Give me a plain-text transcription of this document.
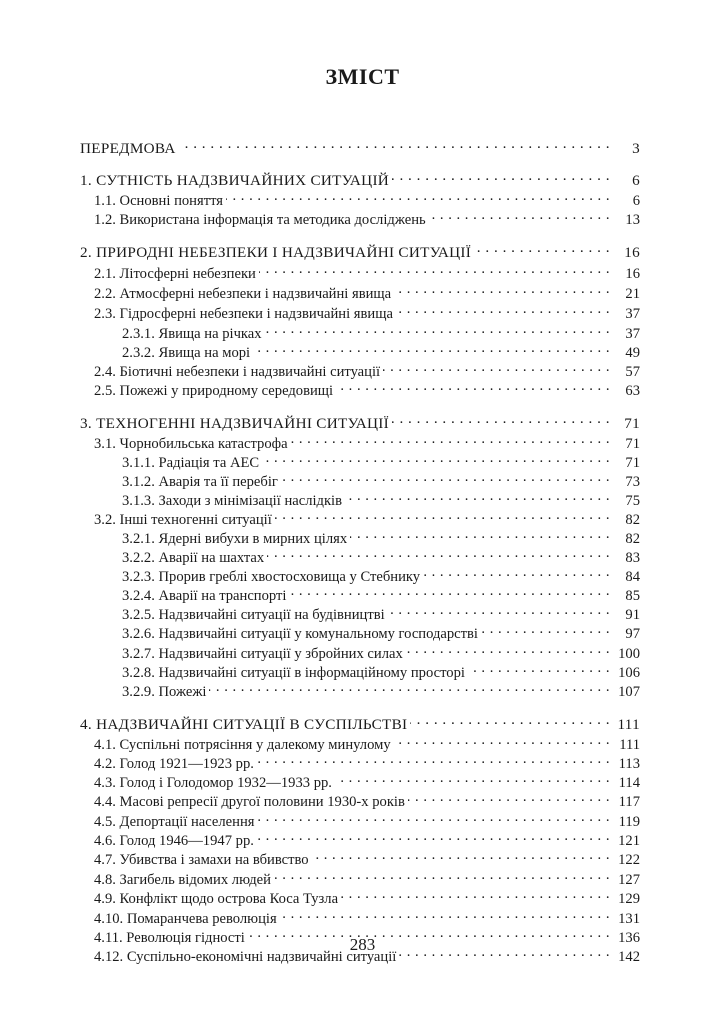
ЗМІСТ
ПЕРЕДМОВА . . .	3
1. СУТНІСТЬ НАДЗВИЧАЙНИХ СИТУАЦІЙ . . .	6
1.1. Основні поняття . . .	6
1.2. Використана інформація та методика досліджень . . .	13
2. ПРИРОДНІ НЕБЕЗПЕКИ І НАДЗВИЧАЙНІ СИТУАЦІЇ . . .	16
2.1. Літосферні небезпеки . . .	16
2.2. Атмосферні небезпеки і надзвичайні явища . . .	21
2.3. Гідросферні небезпеки і надзвичайні явища . . .	37
2.3.1. Явища на річках . . .	37
2.3.2. Явища на морі . . .	49
2.4. Біотичні небезпеки і надзвичайні ситуації . . .	57
2.5. Пожежі у природному середовищі . . .	63
3. ТЕХНОГЕННІ НАДЗВИЧАЙНІ СИТУАЦІЇ . . .	71
3.1. Чорнобильська катастрофа . . .	71
3.1.1. Радіація та АЕС . . .	71
3.1.2. Аварія та її перебіг . . .	73
3.1.3. Заходи з мінімізації наслідків . . .	75
3.2. Інші техногенні ситуації . . .	82
3.2.1. Ядерні вибухи в мирних цілях . . .	82
3.2.2. Аварії на шахтах . . .	83
3.2.3. Прорив греблі хвостосховища у Стебнику . . .	84
3.2.4. Аварії на транспорті . . .	85
3.2.5. Надзвичайні ситуації на будівництві . . .	91
3.2.6. Надзвичайні ситуації у комунальному господарстві . . .	97
3.2.7. Надзвичайні ситуації у збройних силах . . .	100
3.2.8. Надзвичайні ситуації в інформаційному просторі . . .	106
3.2.9. Пожежі . . .	107
4. НАДЗВИЧАЙНІ СИТУАЦІЇ В СУСПІЛЬСТВІ . . .	111
4.1. Суспільні потрясіння у далекому минулому . . .	111
4.2. Голод 1921—1923 рр. . . .	113
4.3. Голод і Голодомор 1932—1933 рр. . . .	114
4.4. Масові репресії другої половини 1930-х років . . .	117
4.5. Депортації населення . . .	119
4.6. Голод 1946—1947 рр. . . .	121
4.7. Убивства і замахи на вбивство . . .	122
4.8. Загибель відомих людей . . .	127
4.9. Конфлікт щодо острова Коса Тузла . . .	129
4.10. Помаранчева революція . . .	131
4.11. Революція гідності . . .	136
4.12. Суспільно-економічні надзвичайні ситуації . . .	142
283
